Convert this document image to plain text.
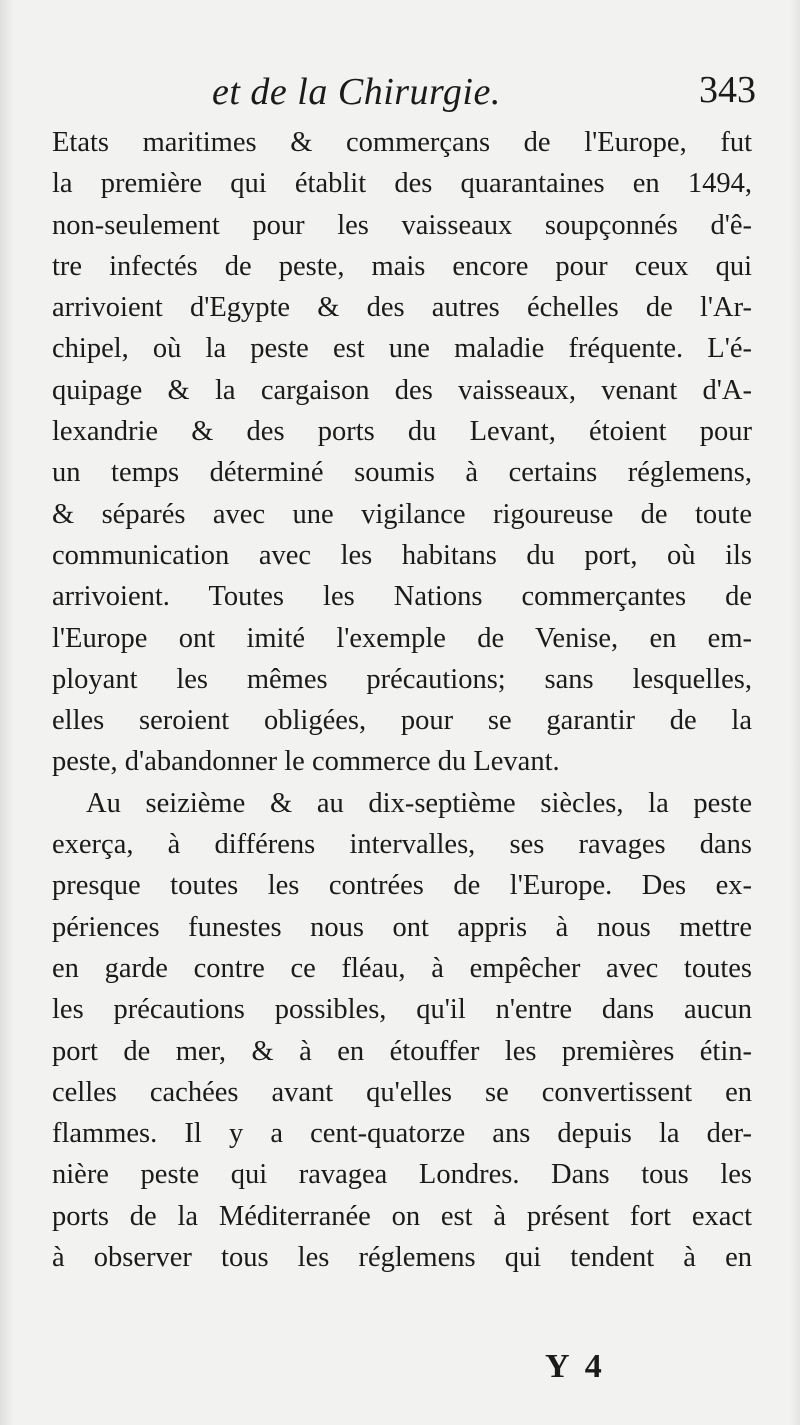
et de la Chirurgie.	343
Etats maritimes & commerçans de l'Europe, fut
la première qui établit des quarantaines en 1494,
non-seulement pour les vaisseaux soupçonnés d'ê-
tre infectés de peste, mais encore pour ceux qui
arrivoient d'Egypte & des autres échelles de l'Ar-
chipel, où la peste est une maladie fréquente. L'é-
quipage & la cargaison des vaisseaux, venant d'A-
lexandrie & des ports du Levant, étoient pour
un temps déterminé soumis à certains réglemens,
& séparés avec une vigilance rigoureuse de toute
communication avec les habitans du port, où ils
arrivoient. Toutes les Nations commerçantes de
l'Europe ont imité l'exemple de Venise, en em-
ployant les mêmes précautions; sans lesquelles,
elles seroient obligées, pour se garantir de la
peste, d'abandonner le commerce du Levant.
Au seizième & au dix-septième siècles, la peste
exerça, à différens intervalles, ses ravages dans
presque toutes les contrées de l'Europe. Des ex-
périences funestes nous ont appris à nous mettre
en garde contre ce fléau, à empêcher avec toutes
les précautions possibles, qu'il n'entre dans aucun
port de mer, & à en étouffer les premières étin-
celles cachées avant qu'elles se convertissent en
flammes. Il y a cent-quatorze ans depuis la der-
nière peste qui ravagea Londres. Dans tous les
ports de la Méditerranée on est à présent fort exact
à observer tous les réglemens qui tendent à en
Y 4
